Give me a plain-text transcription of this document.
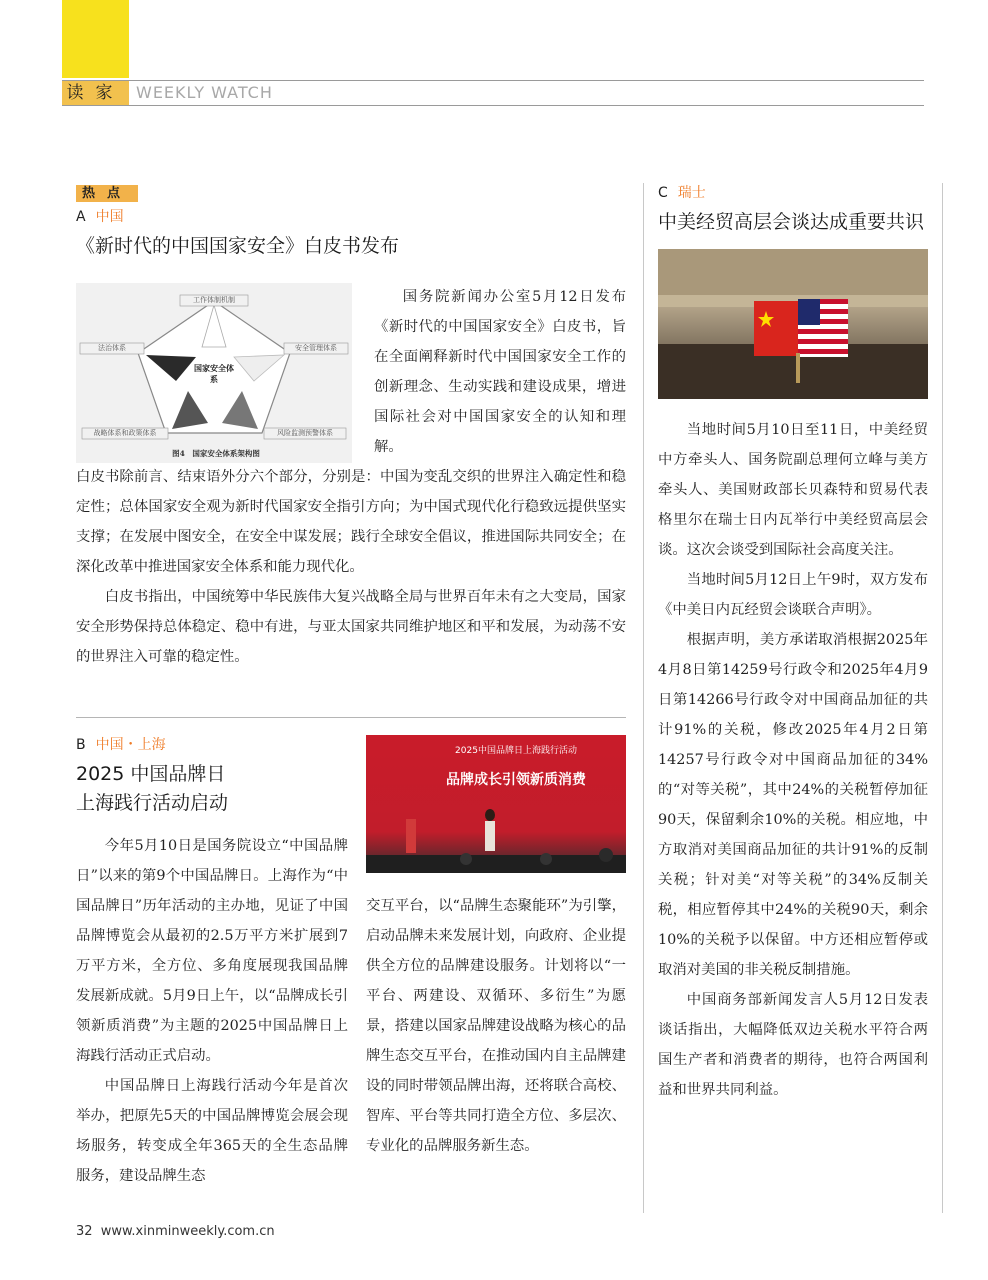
读家 WEEKLY WATCH
热点
A 中国
《新时代的中国国家安全》白皮书发布
工作体制机制
法治体系	安全管理体系
战略体系和政策体系	风险监测预警体系
国家安全体系
图4　国家安全体系架构图

国务院新闻办公室5月12日发布《新时代的中国国家安全》白皮书，旨在全面阐释新时代中国国家安全工作的创新理念、生动实践和建设成果，增进国际社会对中国国家安全的认知和理解。

白皮书除前言、结束语外分六个部分，分别是：中国为变乱交织的世界注入确定性和稳定性；总体国家安全观为新时代国家安全指引方向；为中国式现代化行稳致远提供坚实支撑；在发展中图安全，在安全中谋发展；践行全球安全倡议，推进国际共同安全；在深化改革中推进国家安全体系和能力现代化。

白皮书指出，中国统筹中华民族伟大复兴战略全局与世界百年未有之大变局，国家安全形势保持总体稳定、稳中有进，与亚太国家共同维护地区和平和发展，为动荡不安的世界注入可靠的稳定性。

B 中国・上海
2025 中国品牌日
上海践行活动启动
2025中国品牌日上海践行活动
品牌成长引领新质消费

今年5月10日是国务院设立“中国品牌日”以来的第9个中国品牌日。上海作为“中国品牌日”历年活动的主办地，见证了中国品牌博览会从最初的2.5万平方米扩展到7万平方米，全方位、多角度展现我国品牌发展新成就。5月9日上午，以“品牌成长引领新质消费”为主题的2025中国品牌日上海践行活动正式启动。

中国品牌日上海践行活动今年是首次举办，把原先5天的中国品牌博览会展会现场服务，转变成全年365天的全生态品牌服务，建设品牌生态

交互平台，以“品牌生态聚能环”为引擎，启动品牌未来发展计划，向政府、企业提供全方位的品牌建设服务。计划将以“一平台、两建设、双循环、多衍生”为愿景，搭建以国家品牌建设战略为核心的品牌生态交互平台，在推动国内自主品牌建设的同时带领品牌出海，还将联合高校、智库、平台等共同打造全方位、多层次、专业化的品牌服务新生态。

C 瑞士
中美经贸高层会谈达成重要共识

当地时间5月10日至11日，中美经贸中方牵头人、国务院副总理何立峰与美方牵头人、美国财政部长贝森特和贸易代表格里尔在瑞士日内瓦举行中美经贸高层会谈。这次会谈受到国际社会高度关注。

当地时间5月12日上午9时，双方发布《中美日内瓦经贸会谈联合声明》。

根据声明，美方承诺取消根据2025年4月8日第14259号行政令和2025年4月9日第14266号行政令对中国商品加征的共计91%的关税，修改2025年4月2日第14257号行政令对中国商品加征的34%的“对等关税”，其中24%的关税暂停加征90天，保留剩余10%的关税。相应地，中方取消对美国商品加征的共计91%的反制关税；针对美“对等关税”的34%反制关税，相应暂停其中24%的关税90天，剩余10%的关税予以保留。中方还相应暂停或取消对美国的非关税反制措施。

中国商务部新闻发言人5月12日发表谈话指出，大幅降低双边关税水平符合两国生产者和消费者的期待，也符合两国利益和世界共同利益。

32 www.xinminweekly.com.cn
